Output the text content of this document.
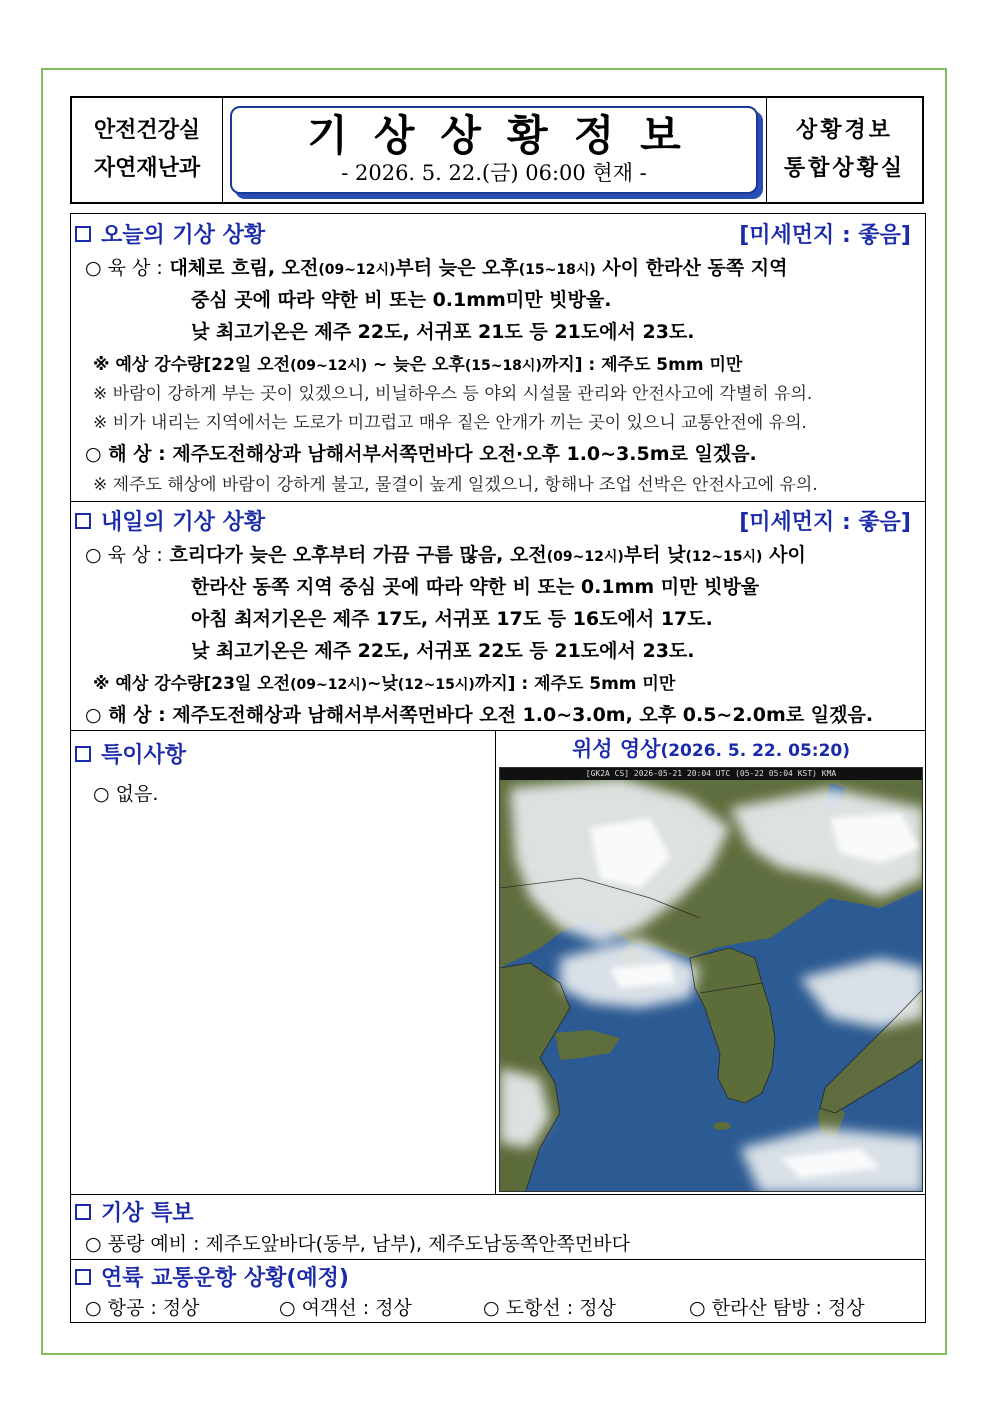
안전건강실
자연재난과
기상상황정보
- 2026. 5. 22.(금) 06:00 현재 -
상황경보
통합상황실
오늘의 기상 상황	[미세먼지 : 좋음]
○ 육 상 : 대체로 흐림, 오전(09~12시)부터 늦은 오후(15~18시) 사이 한라산 동쪽 지역
중심 곳에 따라 약한 비 또는 0.1mm미만 빗방울.
낮 최고기온은 제주 22도, 서귀포 21도 등 21도에서 23도.
※ 예상 강수량[22일 오전(09~12시) ~ 늦은 오후(15~18시)까지] : 제주도 5mm 미만
※ 바람이 강하게 부는 곳이 있겠으니, 비닐하우스 등 야외 시설물 관리와 안전사고에 각별히 유의.
※ 비가 내리는 지역에서는 도로가 미끄럽고 매우 짙은 안개가 끼는 곳이 있으니 교통안전에 유의.
○ 해 상 : 제주도전해상과 남해서부서쪽먼바다 오전·오후 1.0~3.5m로 일겠음.
※ 제주도 해상에 바람이 강하게 불고, 물결이 높게 일겠으니, 항해나 조업 선박은 안전사고에 유의.
내일의 기상 상황	[미세먼지 : 좋음]
○ 육 상 : 흐리다가 늦은 오후부터 가끔 구름 많음, 오전(09~12시)부터 낮(12~15시) 사이
한라산 동쪽 지역 중심 곳에 따라 약한 비 또는 0.1mm 미만 빗방울
아침 최저기온은 제주 17도, 서귀포 17도 등 16도에서 17도.
낮 최고기온은 제주 22도, 서귀포 22도 등 21도에서 23도.
※ 예상 강수량[23일 오전(09~12시)~낮(12~15시)까지] : 제주도 5mm 미만
○ 해 상 : 제주도전해상과 남해서부서쪽먼바다 오전 1.0~3.0m, 오후 0.5~2.0m로 일겠음.
특이사항
○ 없음.
위성 영상(2026. 5. 22. 05:20)
[GK2A CS] 2026-05-21 20:04 UTC (05-22 05:04 KST) KMA
기상 특보
○ 풍랑 예비 : 제주도앞바다(동부, 남부), 제주도남동쪽안쪽먼바다
연륙 교통운항 상황(예정)
○ 항공 : 정상	○ 여객선 : 정상	○ 도항선 : 정상	○ 한라산 탐방 : 정상
